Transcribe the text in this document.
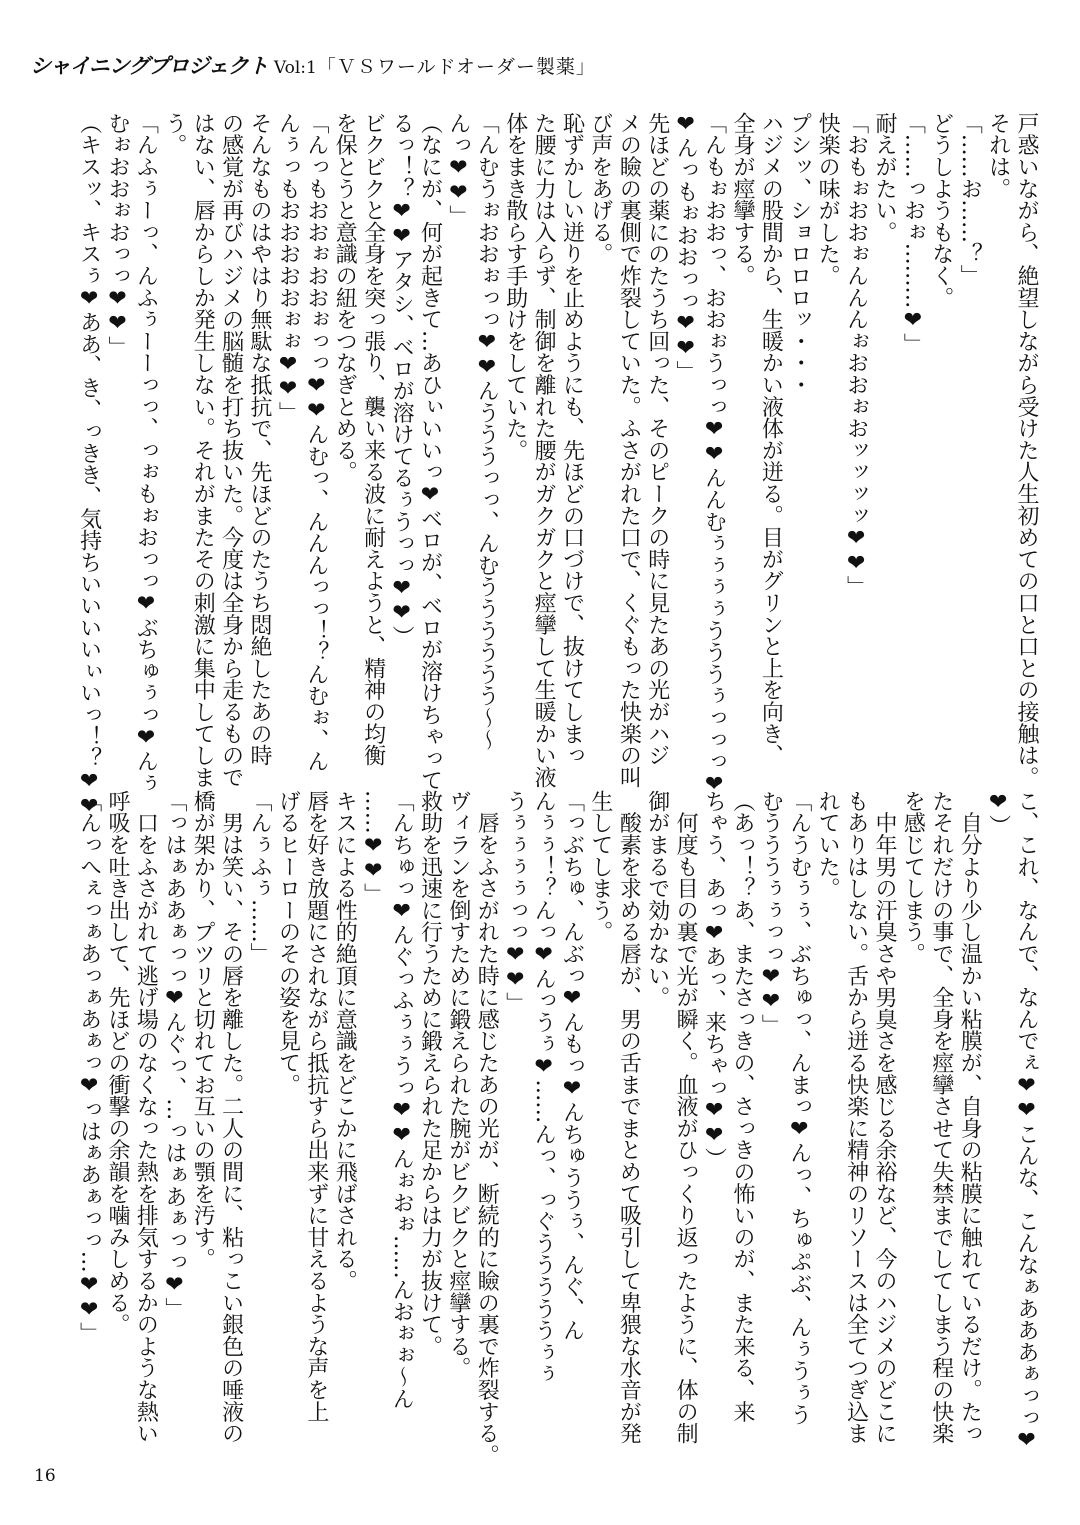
シャイニングプロジェクト Vol:1「ＶＳワールドオーダー製薬」
戸惑いながら、絶望しながら受けた人生初めての口と口との接触は。
それは。
「……お……？」
どうしようもなく。
「……っおぉ………❤」
耐えがたい。
「おもぉおおぉんんんぉおおぉおッッッッ❤❤」
快楽の味がした。
プシッ、ショロロロッ・・・
ハジメの股間から、生暖かい液体が迸る。目がグリンと上を向き、
全身が痙攣する。
「んもぉおおっ、おおぉうっっ❤❤んんむぅぅぅぅうううぅっっっ❤
❤んっもぉおおっっ❤❤」
先ほどの薬にのたうち回った、そのピークの時に見たあの光がハジ
メの瞼の裏側で炸裂していた。ふさがれた口で、くぐもった快楽の叫
び声をあげる。
恥ずかしい迸りを止めようにも、先ほどの口づけで、抜けてしまっ
た腰に力は入らず、制御を離れた腰がガクガクと痙攣して生暖かい液
体をまき散らす手助けをしていた。
「んむうぉおおぉっっ❤❤んうううっっ、んむうううううう〜〜
んっ❤❤」
（なにが、何が起きて…あひぃいいっ❤ベロが、ベロが溶けちゃって
るっ！？❤❤アタシ、ベロが溶けてるぅうっっ❤❤）
ビクビクと全身を突っ張り、襲い来る波に耐えようと、精神の均衡
を保とうと意識の紐をつなぎとめる。
「んっもおおぉおおぉっっ❤❤んむっ、んんんっっ！？んむぉ、ん
んぅっもおおおおおぉぉ❤❤」
そんなものはやはり無駄な抵抗で、先ほどのたうち悶絶したあの時
の感覚が再びハジメの脳髄を打ち抜いた。今度は全身から走るもので
はない、唇からしか発生しない。それがまたその刺激に集中してしま
う。
「んふぅーっ、んふぅーーっっ、っぉもぉおっっ❤ぶちゅぅっ❤んぅ
むぉおおぉおっっ❤❤」
（キスッ、キスぅ❤ああ、き、っきき、気持ちいいいいぃいっ！？❤❤
こ、これ、なんで、なんでぇ❤❤こんな、こんなぁあああぁっっ❤
❤）
　自分より少し温かい粘膜が、自身の粘膜に触れているだけ。たっ
たそれだけの事で、全身を痙攣させて失禁までしてしまう程の快楽
を感じてしまう。
　中年男の汗臭さや男臭さを感じる余裕など、今のハジメのどこに
もありはしない。舌から迸る快楽に精神のリソースは全てつぎ込ま
れていた。
「んうむぅぅ、ぶちゅっ、んまっ❤んっ、ちゅぷぶ、んぅうぅう
むうううぅぅっっ❤❤」
（あっ！？あ、またさっきの、さっきの怖いのが、また来る、来
ちゃう、あっ❤あっ、来ちゃっ❤❤）
　何度も目の裏で光が瞬く。血液がひっくり返ったように、体の制
御がまるで効かない。
　酸素を求める唇が、男の舌までまとめて吸引して卑猥な水音が発
生してしまう。
「っぶちゅ、んぶっ❤んもっ❤んちゅううぅ、んぐ、ん
んぅぅ！？んっ❤んっうぅ❤……んっ、っぐうううううぅぅ
うぅぅぅぅっっ❤❤」
　唇をふさがれた時に感じたあの光が、断続的に瞼の裏で炸裂する。
ヴィランを倒すために鍛えられた腕がビクビクと痙攣する。
救助を迅速に行うために鍛えられた足からは力が抜けて。
「んちゅっ❤んぐっふぅぅうっ❤❤んぉおぉ……んおぉぉ〜ん
……❤❤」
キスによる性的絶頂に意識をどこかに飛ばされる。
唇を好き放題にされながら抵抗すら出来ずに甘えるような声を上
げるヒーローのその姿を見て。
「んぅふぅ……」
　男は笑い、その唇を離した。二人の間に、粘っこい銀色の唾液の
橋が架かり、プツリと切れてお互いの顎を汚す。
「っはぁああぁっっ❤んぐっ、…っはぁあぁっっ❤」
　口をふさがれて逃げ場のなくなった熱を排気するかのような熱い
呼吸を吐き出して、先ほどの衝撃の余韻を噛みしめる。
「んっへぇっぁあっぁあぁっ❤っはぁあぁっっ…❤❤」
16
